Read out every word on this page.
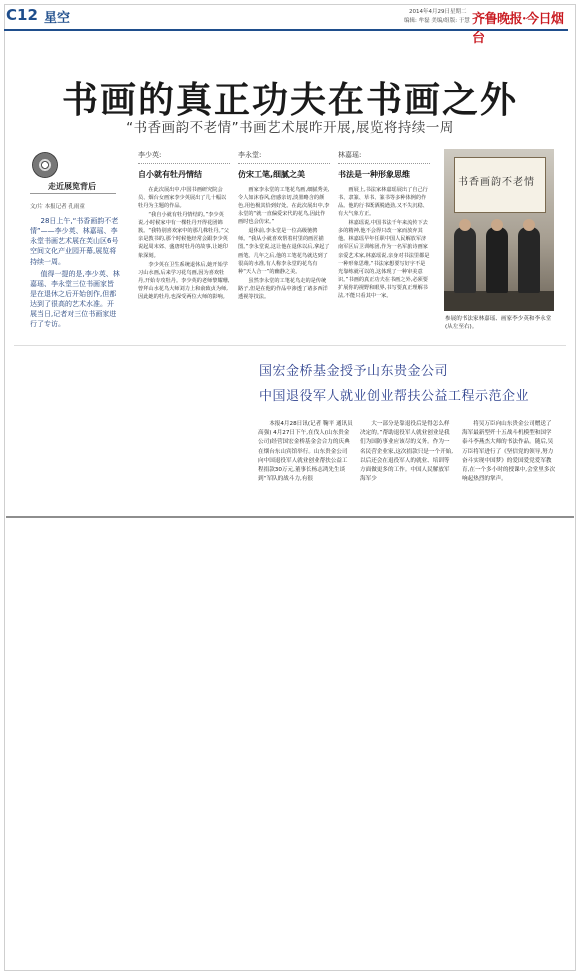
C12 星空	2014年4月29日 星期二
编辑: 牟磊 美编/组版: 于慧 齐鲁晚报·今日烟台
书画的真正功夫在书画之外
“书香画韵不老情”书画艺术展昨开展,展览将持续一周
走近展览背后
文/片 本报记者 孔雨童

28日上午,“书香画韵不老情”——李少英、林嘉瑶、李永堂书画艺术展在芙山区6号空间文化产业园开幕,展览将持续一周。

值得一提的是,李少英、林嘉瑶、李永堂三位书画家皆是在退休之后开始创作,但都达到了很高的艺术水准。开展当日,记者对三位书画家进行了专访。

李少英:
自小就有牡丹情结

在此次展出中,中国书画研究院会员、烟台女画家李少英展出了几十幅以牡丹为主题的作品。

“我自小就有牡丹情结的。”李少英说,小时候家中有一棵牡丹开得花团锦簇。“我特别喜欢家中的那几株牡丹。”父亲是教书的,那个时候他经常会跟李少英说起周末郊、盛唐时牡丹的故事,让她印象深刻。

李少英在卫生系统退休后,她开始学习山水画,后来学习花鸟画,因为喜欢牡丹,开始专攻牡丹。李少英的老师黎耀珊,曾拜山水花鸟大师刘力上和俞致贞为师,因此她的牡丹,也深受两位大师的影响。

李永堂:
仿宋工笔,细腻之美

画家李永堂的工笔花鸟画,细腻秀美,令人如沐春风,倍感亲切,淡墨略含的颜色,用色极其恰到好处。在此次展出中,李永堂的“就一直偏爱宋代的花鸟,因此作画时也会仿宋。”

退休前,李永堂是一位高级驰骋师。“我从小就喜欢帮着村里的画匠描图。”李永堂说,这让他在退休以后,拿起了画笔。几年之后,他的工笔花鸟就达到了很高的水准,有人称李永堂的花鸟有种“天人合一”的幽静之美。

虽然李永堂的工笔花鸟走的是传统路子,但是在他的作品中渗透了诸多西洋透视等技法。

林嘉瑶:
书法是一种形象思维

画展上,书法家林嘉瑶展出了自己行书、隶篆、草书、篆书等多种体例的作品。他的行书既洒脱遒劲,又不失沉稳、有大气象方正。

林嘉瑶说,中国书法千年来流传下去多的精神,他不会得只改一家而放弃其他。林嘉瑶早年任职中国人民解放军济南军区后卫训练团,作为一名军旅诗画家亲爱艺术家,林嘉瑶说,亲身对书法里都是一种形象思维,“书法家想要写好字不是光靠练就可以的,这体现了一种审美意识。”书画的真正功夫在书画之外,必须要扩展你的视野和眼界,书写要真正理解书法,不能只看其中一家。

书香画韵不老情
参展的书法家林嘉瑶、画家李少英和李永堂(从左至右)。
国宏金桥基金授予山东贵金公司
中国退役军人就业创业帮扶公益工程示范企业

本报4月28日讯(记者 鞠平 通讯员 高强) 4月27日下午,在伐人(山东贵金公司)经营国宏金桥基金会合力的庆典在烟台东山宾馆举行。山东贵金公司向中国退役军人就业创业帮扶公益工程捐款30万元,董事长杨志鸿先生谈到“军队的战斗力,有很

大一部分是靠退役后是得怎么样决定的。”帮助退役军人就业创业是我们为国防事业应该尽的义务。作为一名民营企业家,这次捐款只是一个开始,以后还会在退役军人的就业、培训等方面做更多的工作。中国人民解放军海军少

将吴万臣向山东贵金公司赠送了海军最新型歼十五战斗机模型和国学泰斗李燕杰大师的书法作品。随后,吴万臣将军进行了《坚信党的领导,努力奋斗实现中国梦》的爱国爱党爱军教育,在一个多小时的授课中,会堂里多次响起热烈的掌声。
